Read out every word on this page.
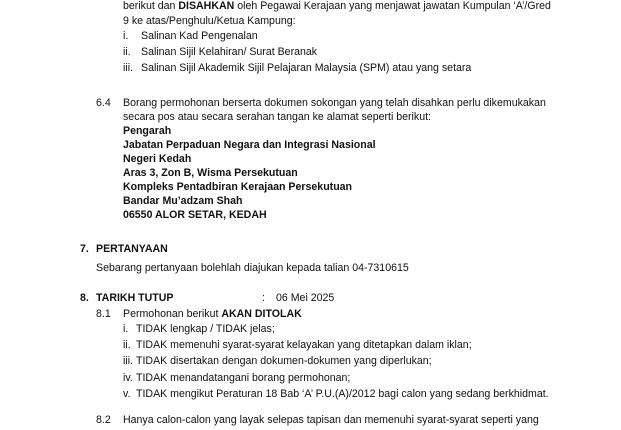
berikut dan DISAHKAN oleh Pegawai Kerajaan yang menjawat jawatan Kumpulan ‘A’/Gred
9 ke atas/Penghulu/Ketua Kampung:
i. Salinan Kad Pengenalan
ii. Salinan Sijil Kelahiran/ Surat Beranak
iii. Salinan Sijil Akademik Sijil Pelajaran Malaysia (SPM) atau yang setara
6.4 Borang permohonan berserta dokumen sokongan yang telah disahkan perlu dikemukakan
secara pos atau secara serahan tangan ke alamat seperti berikut:
Pengarah
Jabatan Perpaduan Negara dan Integrasi Nasional
Negeri Kedah
Aras 3, Zon B, Wisma Persekutuan
Kompleks Pentadbiran Kerajaan Persekutuan
Bandar Mu’adzam Shah
06550 ALOR SETAR, KEDAH
7. PERTANYAAN
Sebarang pertanyaan bolehlah diajukan kepada talian 04-7310615
8. TARIKH TUTUP	: 06 Mei 2025
8.1 Permohonan berikut AKAN DITOLAK
i. TIDAK lengkap / TIDAK jelas;
ii. TIDAK memenuhi syarat-syarat kelayakan yang ditetapkan dalam iklan;
iii. TIDAK disertakan dengan dokumen-dokumen yang diperlukan;
iv. TIDAK menandatangani borang permohonan;
v. TIDAK mengikut Peraturan 18 Bab ‘A’ P.U.(A)/2012 bagi calon yang sedang berkhidmat.
8.2 Hanya calon-calon yang layak selepas tapisan dan memenuhi syarat-syarat seperti yang
